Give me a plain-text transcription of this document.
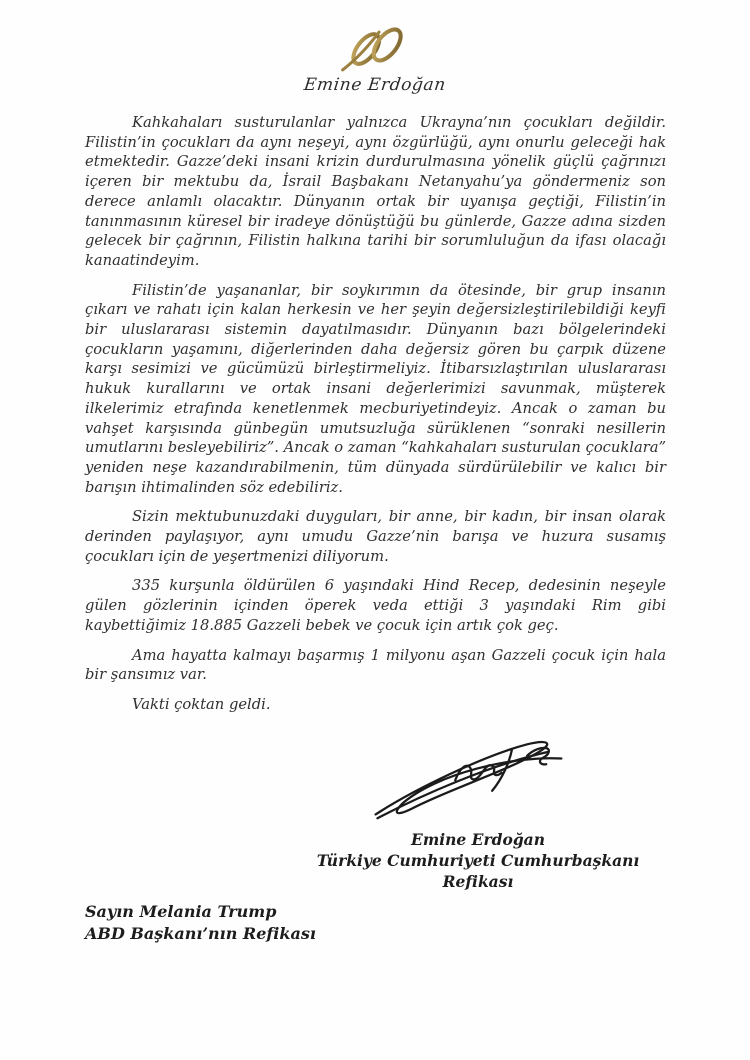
Emine Erdoğan

Kahkahaları susturulanlar yalnızca Ukrayna’nın çocukları değildir. Filistin’in çocukları da aynı neşeyi, aynı özgürlüğü, aynı onurlu geleceği hak etmektedir. Gazze’deki insani krizin durdurulmasına yönelik güçlü çağrınızı içeren bir mektubu da, İsrail Başbakanı Netanyahu’ya göndermeniz son derece anlamlı olacaktır. Dünyanın ortak bir uyanışa geçtiği, Filistin’in tanınmasının küresel bir iradeye dönüştüğü bu günlerde, Gazze adına sizden gelecek bir çağrının, Filistin halkına tarihi bir sorumluluğun da ifası olacağı kanaatindeyim.

Filistin’de yaşananlar, bir soykırımın da ötesinde, bir grup insanın çıkarı ve rahatı için kalan herkesin ve her şeyin değersizleştirilebildiği keyfi bir uluslararası sistemin dayatılmasıdır. Dünyanın bazı bölgelerindeki çocukların yaşamını, diğerlerinden daha değersiz gören bu çarpık düzene karşı sesimizi ve gücümüzü birleştirmeliyiz. İtibarsızlaştırılan uluslararası hukuk kurallarını ve ortak insani değerlerimizi savunmak, müşterek ilkelerimiz etrafında kenetlenmek mecburiyetindeyiz. Ancak o zaman bu vahşet karşısında günbegün umutsuzluğa sürüklenen “sonraki nesillerin umutlarını besleyebiliriz”. Ancak o zaman “kahkahaları susturulan çocuklara” yeniden neşe kazandırabilmenin, tüm dünyada sürdürülebilir ve kalıcı bir barışın ihtimalinden söz edebiliriz.

Sizin mektubunuzdaki duyguları, bir anne, bir kadın, bir insan olarak derinden paylaşıyor, aynı umudu Gazze’nin barışa ve huzura susamış çocukları için de yeşertmenizi diliyorum.

335 kurşunla öldürülen 6 yaşındaki Hind Recep, dedesinin neşeyle gülen gözlerinin içinden öperek veda ettiği 3 yaşındaki Rim gibi kaybettiğimiz 18.885 Gazzeli bebek ve çocuk için artık çok geç.

Ama hayatta kalmayı başarmış 1 milyonu aşan Gazzeli çocuk için hala bir şansımız var.

Vakti çoktan geldi.

Emine Erdoğan
Türkiye Cumhuriyeti Cumhurbaşkanı Refikası
Sayın Melania Trump
ABD Başkanı’nın Refikası
